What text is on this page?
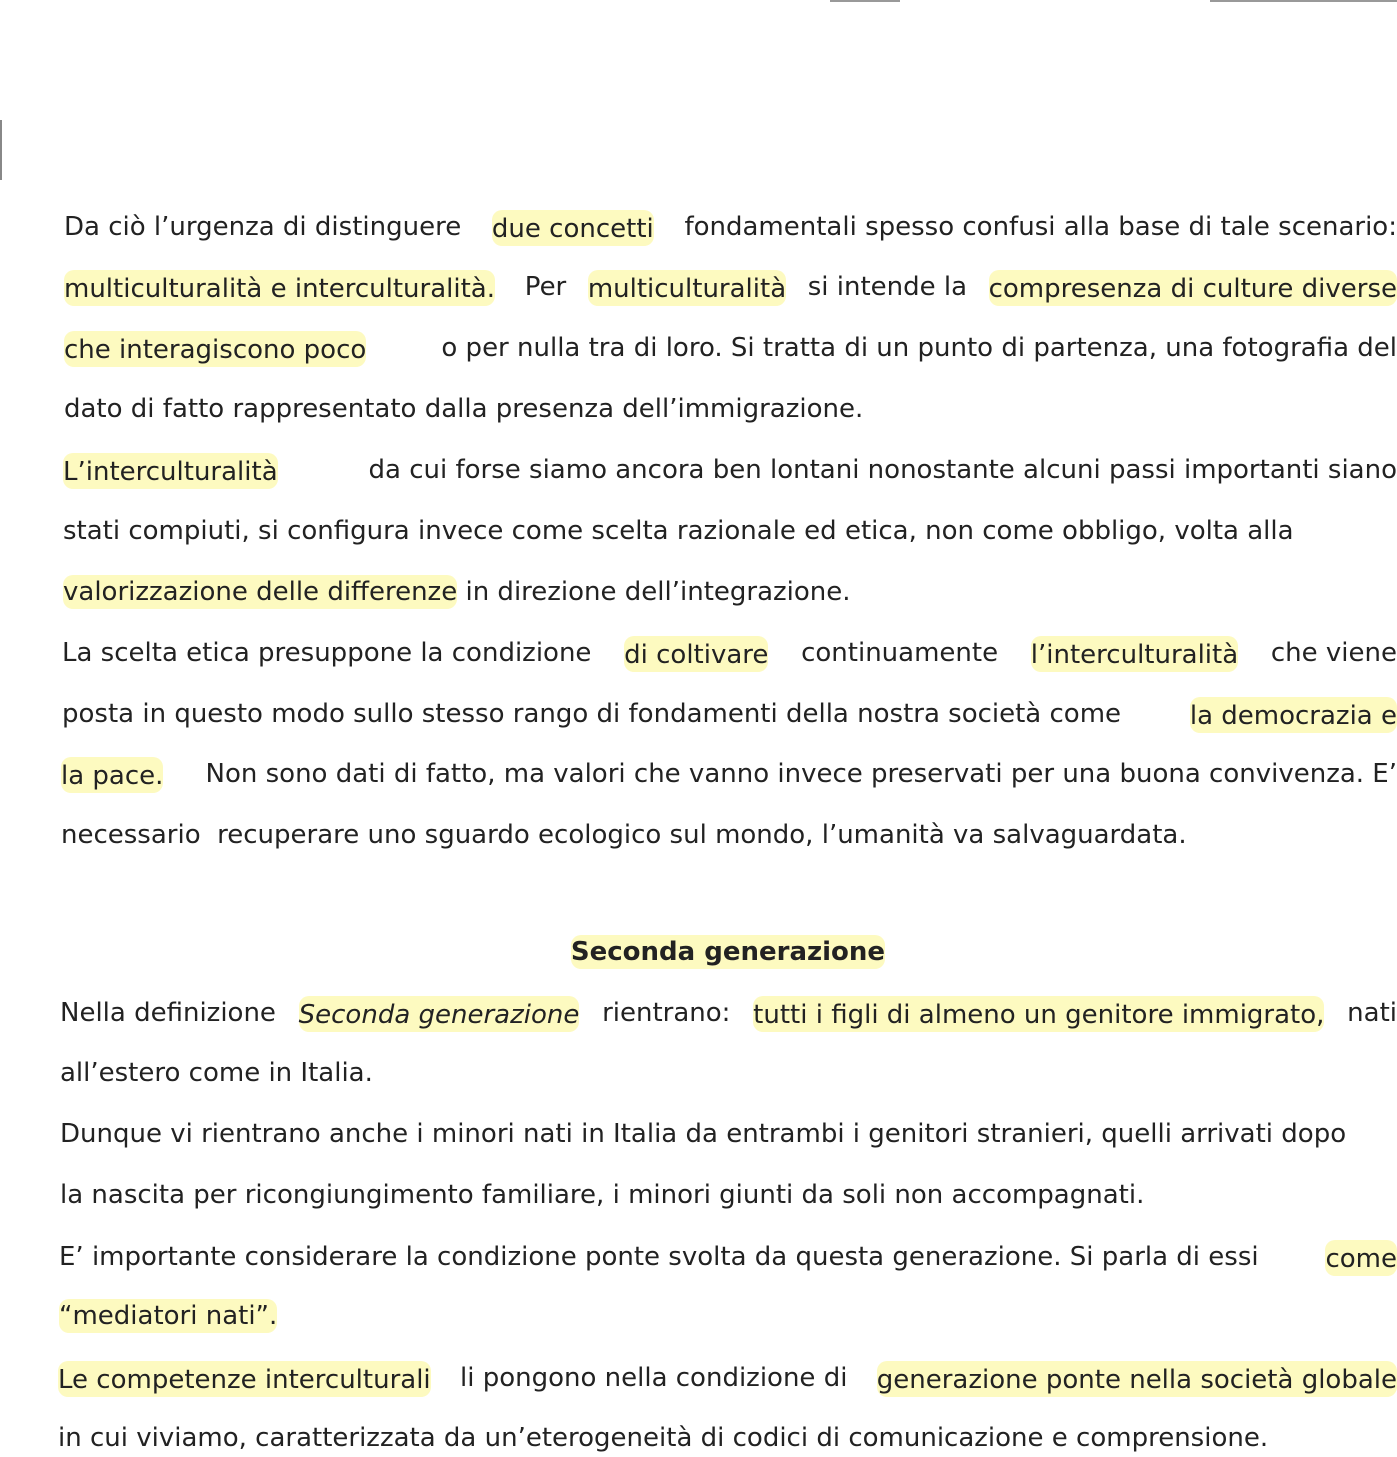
Da ciò l’urgenza di distinguere due concetti fondamentali spesso confusi alla base di tale scenario:
multiculturalità e interculturalità. Per multiculturalità si intende la compresenza di culture diverse
che interagiscono poco	o per nulla tra di loro. Si tratta di un punto di partenza, una fotografia del
dato di fatto rappresentato dalla presenza dell’immigrazione.
L’interculturalità	da cui forse siamo ancora ben lontani nonostante alcuni passi importanti siano
stati compiuti, si configura invece come scelta razionale ed etica, non come obbligo, volta alla
valorizzazione delle differenze in direzione dell’integrazione.
La scelta etica presuppone la condizione di coltivare continuamente l’interculturalità che viene
posta in questo modo sullo stesso rango di fondamenti della nostra società come la democrazia e
la pace. Non sono dati di fatto, ma valori che vanno invece preservati per una buona convivenza. E’
necessario  recuperare uno sguardo ecologico sul mondo, l’umanità va salvaguardata.
Seconda generazione
Nella definizione Seconda generazione rientrano: tutti i figli di almeno un genitore immigrato, nati
all’estero come in Italia.
Dunque vi rientrano anche i minori nati in Italia da entrambi i genitori stranieri, quelli arrivati dopo
la nascita per ricongiungimento familiare, i minori giunti da soli non accompagnati.
E’ importante considerare la condizione ponte svolta da questa generazione. Si parla di essi come
“mediatori nati”.
Le competenze interculturali li pongono nella condizione di generazione ponte nella società globale
in cui viviamo, caratterizzata da un’eterogeneità di codici di comunicazione e comprensione.
